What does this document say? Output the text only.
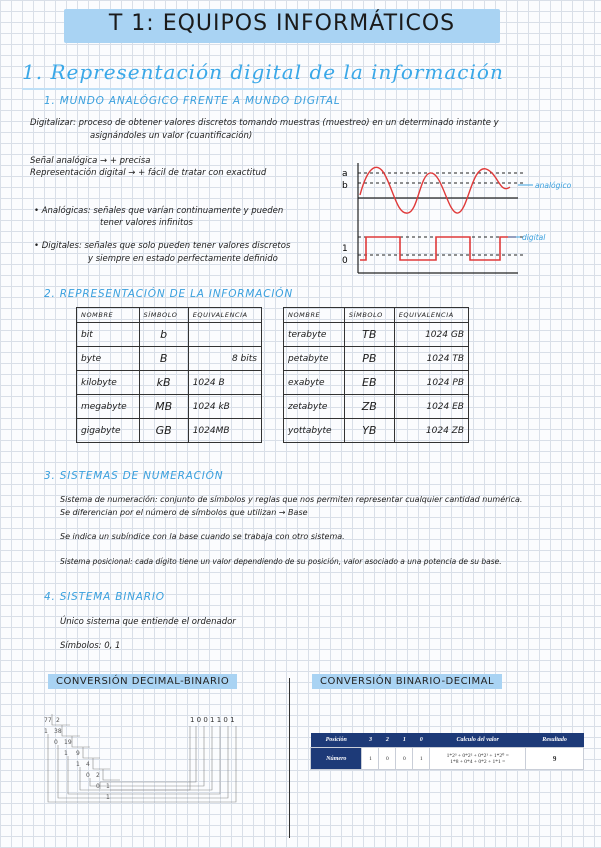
T 1: EQUIPOS INFORMÁTICOS
1. Representación digital de la información
1. MUNDO ANALÓGICO FRENTE A MUNDO DIGITAL
Digitalizar: proceso de obtener valores discretos tomando muestras (muestreo) en un determinado instante y
asignándoles un valor (cuantificación)
Señal analógica → + precisa
Representación digital → + fácil de tratar con exactitud
• Analógicas: señales que varían continuamente y pueden
tener valores infinitos
• Digitales: señales que solo pueden tener valores discretos
y siempre en estado perfectamente definido
a
b
1
0
analógico
digital
2. REPRESENTACIÓN DE LA INFORMACIÓN
NOMBRE	SÍMBOLO	EQUIVALENCIA
bit	b	
byte	B	8 bits
kilobyte	kB	1024 B
megabyte	MB	1024 kB
gigabyte	GB	1024MB
NOMBRE	SÍMBOLO	EQUIVALENCIA
terabyte	TB	1024 GB
petabyte	PB	1024 TB
exabyte	EB	1024 PB
zetabyte	ZB	1024 EB
yottabyte	YB	1024 ZB
3. SISTEMAS DE NUMERACIÓN
Sistema de numeración: conjunto de símbolos y reglas que nos permiten representar cualquier cantidad numérica.
Se diferencian por el número de símbolos que utilizan → Base
Se indica un subíndice con la base cuando se trabaja con otro sistema.
Sistema posicional: cada dígito tiene un valor dependiendo de su posición, valor asociado a una potencia de su base.
4. SISTEMA BINARIO
Único sistema que entiende el ordenador
Símbolos: 0, 1
CONVERSIÓN DECIMAL-BINARIO	CONVERSIÓN BINARIO-DECIMAL
77 2
38
19
9
4
2
1
1
0
1
1
0
0
1
1 0 0 1 1 0 1
Posición	3	2	1	0	Calculo del valor	Resultado
Número	1	0	0	1	1*2³ + 0*2² + 0*2¹ + 1*2⁰ =
1*8 + 0*4 + 0*2 + 1*1 =	9
